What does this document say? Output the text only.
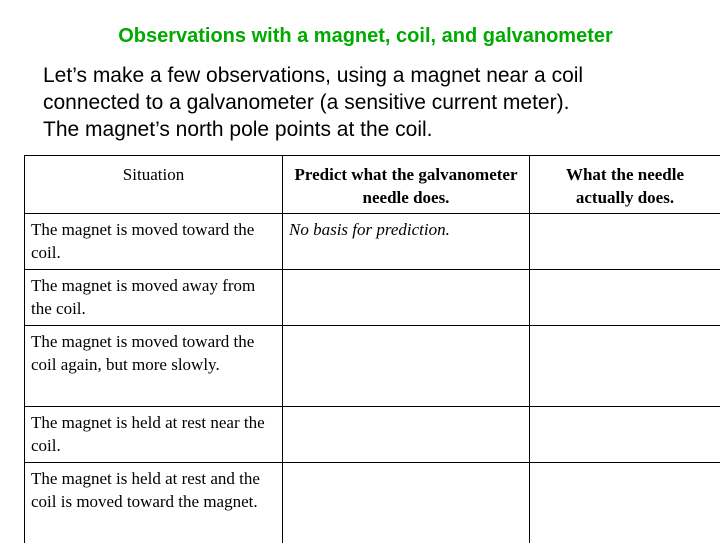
Observations with a magnet, coil, and galvanometer

Let’s make a few observations, using a magnet near a coil

connected to a galvanometer (a sensitive current meter).

The magnet’s north pole points at the coil.

Situation	Predict what the galvanometer needle does.	What the needle actually does.
The magnet is moved toward the coil.	No basis for prediction.	
The magnet is moved away from the coil.		
The magnet is moved toward the coil again, but more slowly.		
The magnet is held at rest near the coil.		
The magnet is held at rest and the coil is moved toward the magnet.		
